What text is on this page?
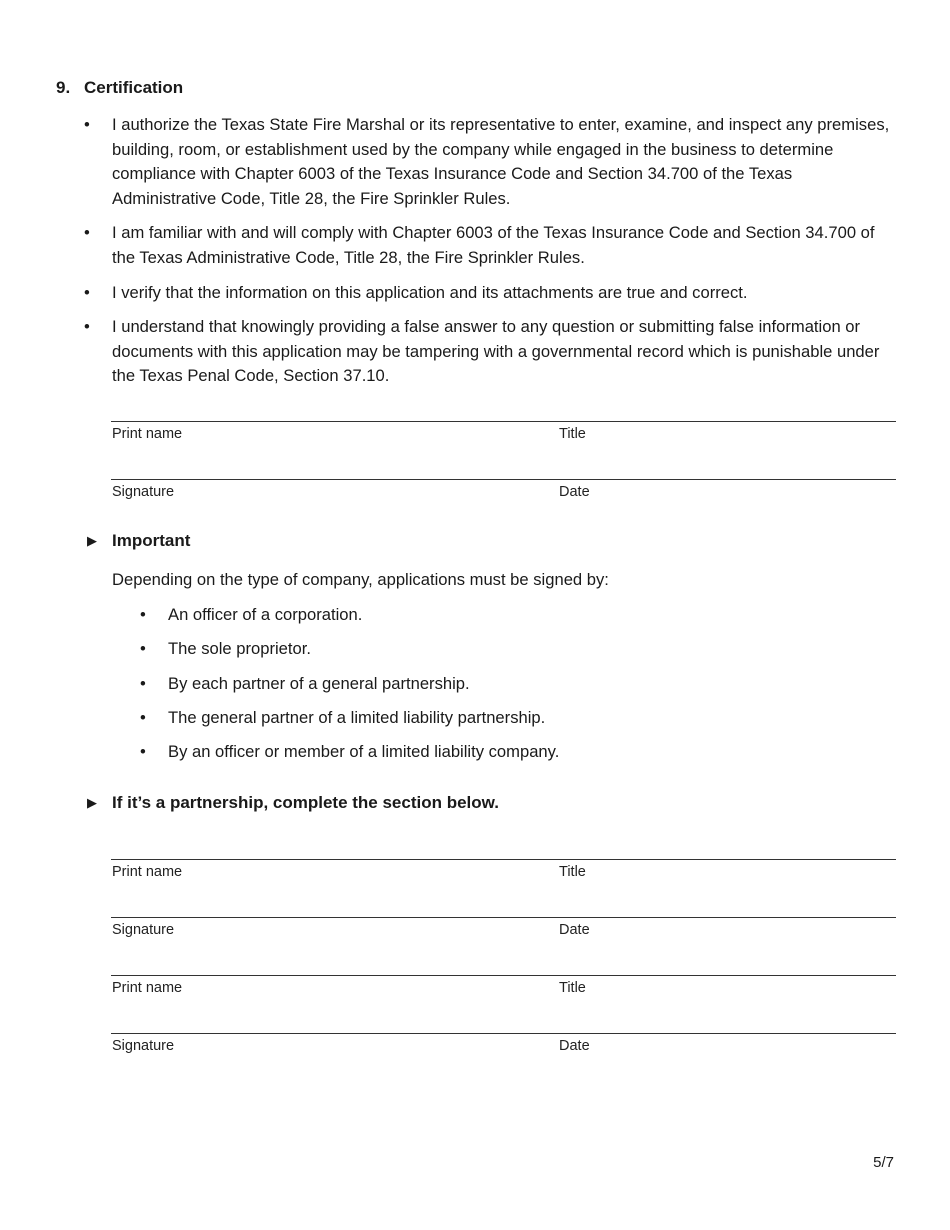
9. Certification
• I authorize the Texas State Fire Marshal or its representative to enter, examine, and inspect any premises, building, room, or establishment used by the company while engaged in the business to determine compliance with Chapter 6003 of the Texas Insurance Code and Section 34.700 of the Texas Administrative Code, Title 28, the Fire Sprinkler Rules.
• I am familiar with and will comply with Chapter 6003 of the Texas Insurance Code and Section 34.700 of the Texas Administrative Code, Title 28, the Fire Sprinkler Rules.
• I verify that the information on this application and its attachments are true and correct.
• I understand that knowingly providing a false answer to any question or submitting false information or documents with this application may be tampering with a governmental record which is punishable under the Texas Penal Code, Section 37.10.
Print name	Title
Signature	Date
▶ Important
Depending on the type of company, applications must be signed by:
• An officer of a corporation.
• The sole proprietor.
• By each partner of a general partnership.
• The general partner of a limited liability partnership.
• By an officer or member of a limited liability company.
▶ If it’s a partnership, complete the section below.
Print name	Title
Signature	Date
Print name	Title
Signature	Date
5/7
